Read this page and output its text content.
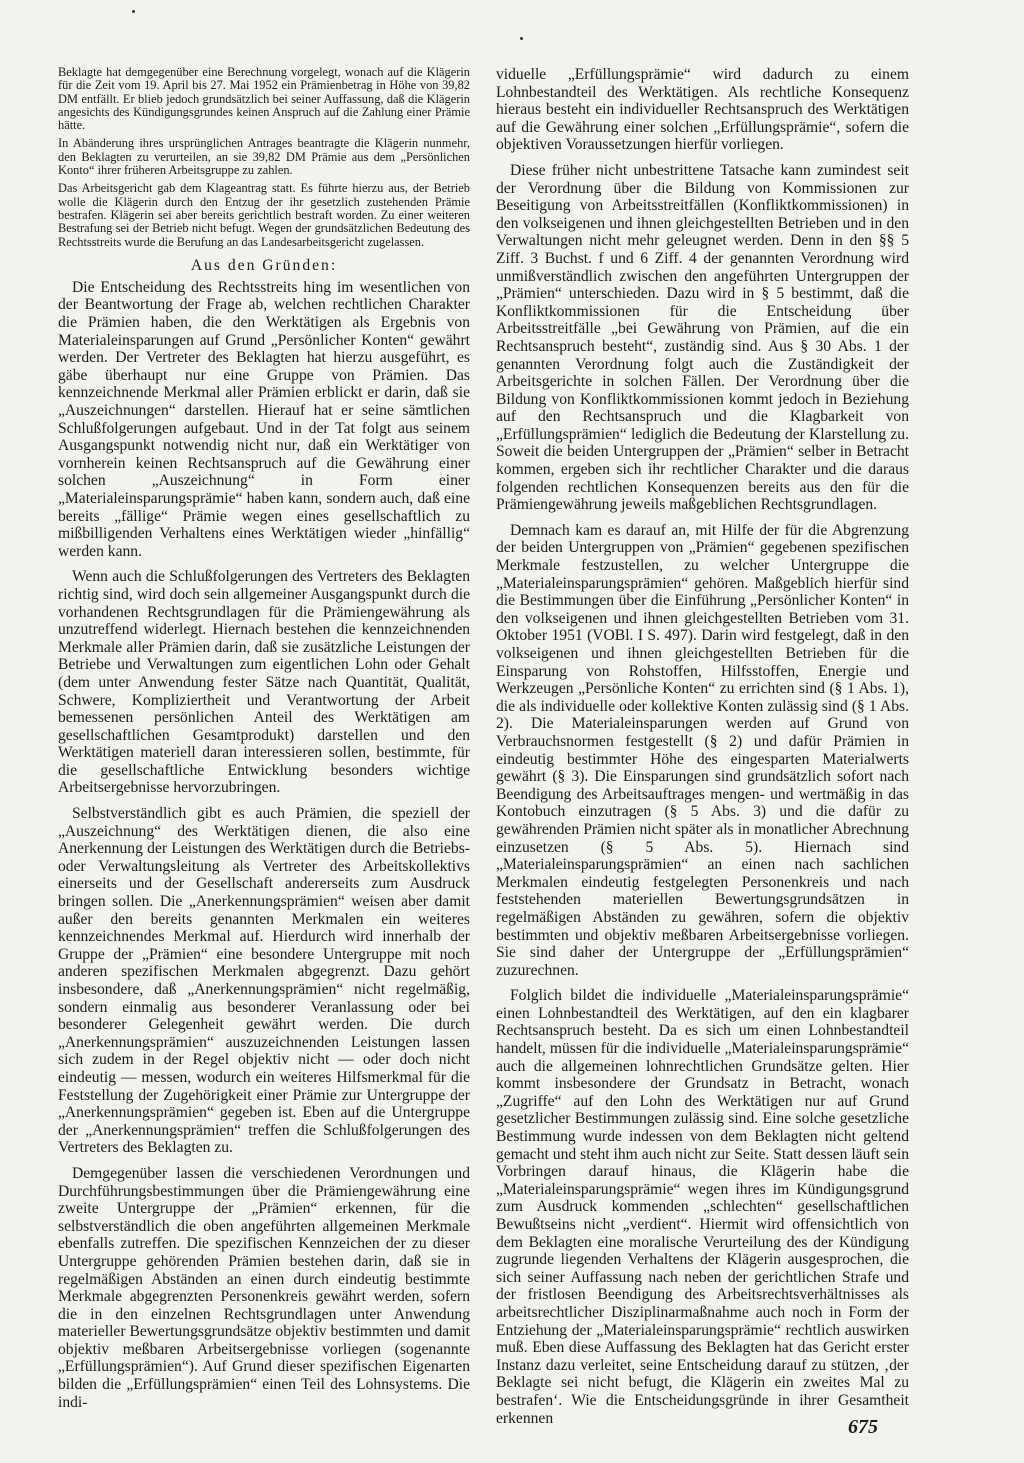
Beklagte hat demgegenüber eine Berechnung vorgelegt, wonach auf die Klägerin für die Zeit vom 19. April bis 27. Mai 1952 ein Prämienbetrag in Höhe von 39,82 DM entfällt. Er blieb jedoch grundsätzlich bei seiner Auffassung, daß die Klägerin angesichts des Kündigungsgrundes keinen Anspruch auf die Zahlung einer Prämie hätte.

In Abänderung ihres ursprünglichen Antrages beantragte die Klägerin nunmehr, den Beklagten zu verurteilen, an sie 39,82 DM Prämie aus dem „Persönlichen Konto“ ihrer früheren Arbeitsgruppe zu zahlen.

Das Arbeitsgericht gab dem Klageantrag statt. Es führte hierzu aus, der Betrieb wolle die Klägerin durch den Entzug der ihr gesetzlich zustehenden Prämie bestrafen. Klägerin sei aber bereits gerichtlich bestraft worden. Zu einer weiteren Bestrafung sei der Betrieb nicht befugt. Wegen der grundsätzlichen Bedeutung des Rechtsstreits wurde die Berufung an das Landesarbeitsgericht zugelassen.

Aus den Gründen:

Die Entscheidung des Rechtsstreits hing im wesentlichen von der Beantwortung der Frage ab, welchen rechtlichen Charakter die Prämien haben, die den Werktätigen als Ergebnis von Materialeinsparungen auf Grund „Persönlicher Konten“ gewährt werden. Der Vertreter des Beklagten hat hierzu ausgeführt, es gäbe überhaupt nur eine Gruppe von Prämien. Das kennzeichnende Merkmal aller Prämien erblickt er darin, daß sie „Auszeichnungen“ darstellen. Hierauf hat er seine sämtlichen Schlußfolgerungen aufgebaut. Und in der Tat folgt aus seinem Ausgangspunkt notwendig nicht nur, daß ein Werktätiger von vornherein keinen Rechtsanspruch auf die Gewährung einer solchen „Auszeichnung“ in Form einer „Materialeinsparungsprämie“ haben kann, sondern auch, daß eine bereits „fällige“ Prämie wegen eines gesellschaftlich zu mißbilligenden Verhaltens eines Werktätigen wieder „hinfällig“ werden kann.

Wenn auch die Schlußfolgerungen des Vertreters des Beklagten richtig sind, wird doch sein allgemeiner Ausgangspunkt durch die vorhandenen Rechtsgrundlagen für die Prämiengewährung als unzutreffend widerlegt. Hiernach bestehen die kennzeichnenden Merkmale aller Prämien darin, daß sie zusätzliche Leistungen der Betriebe und Verwaltungen zum eigentlichen Lohn oder Gehalt (dem unter Anwendung fester Sätze nach Quantität, Qualität, Schwere, Kompliziertheit und Verantwortung der Arbeit bemessenen persönlichen Anteil des Werktätigen am gesellschaftlichen Gesamtprodukt) darstellen und den Werktätigen materiell daran interessieren sollen, bestimmte, für die gesellschaftliche Entwicklung besonders wichtige Arbeitsergebnisse hervorzubringen.

Selbstverständlich gibt es auch Prämien, die speziell der „Auszeichnung“ des Werktätigen dienen, die also eine Anerkennung der Leistungen des Werktätigen durch die Betriebs- oder Verwaltungsleitung als Vertreter des Arbeitskollektivs einerseits und der Gesellschaft andererseits zum Ausdruck bringen sollen. Die „Anerkennungsprämien“ weisen aber damit außer den bereits genannten Merkmalen ein weiteres kennzeichnendes Merkmal auf. Hierdurch wird innerhalb der Gruppe der „Prämien“ eine besondere Untergruppe mit noch anderen spezifischen Merkmalen abgegrenzt. Dazu gehört insbesondere, daß „Anerkennungsprämien“ nicht regelmäßig, sondern einmalig aus besonderer Veranlassung oder bei besonderer Gelegenheit gewährt werden. Die durch „Anerkennungsprämien“ auszuzeichnenden Leistungen lassen sich zudem in der Regel objektiv nicht — oder doch nicht eindeutig — messen, wodurch ein weiteres Hilfsmerkmal für die Feststellung der Zugehörigkeit einer Prämie zur Untergruppe der „Anerkennungsprämien“ gegeben ist. Eben auf die Untergruppe der „Anerkennungsprämien“ treffen die Schlußfolgerungen des Vertreters des Beklagten zu.

Demgegenüber lassen die verschiedenen Verordnungen und Durchführungsbestimmungen über die Prämiengewährung eine zweite Untergruppe der „Prämien“ erkennen, für die selbstverständlich die oben angeführten allgemeinen Merkmale ebenfalls zutreffen. Die spezifischen Kennzeichen der zu dieser Untergruppe gehörenden Prämien bestehen darin, daß sie in regelmäßigen Abständen an einen durch eindeutig bestimmte Merkmale abgegrenzten Personenkreis gewährt werden, sofern die in den einzelnen Rechtsgrundlagen unter Anwendung materieller Bewertungsgrundsätze objektiv bestimmten und damit objektiv meßbaren Arbeitsergebnisse vorliegen (sogenannte „Erfüllungsprämien“). Auf Grund dieser spezifischen Eigenarten bilden die „Erfüllungsprämien“ einen Teil des Lohnsystems. Die indi-

viduelle „Erfüllungsprämie“ wird dadurch zu einem Lohnbestandteil des Werktätigen. Als rechtliche Konsequenz hieraus besteht ein individueller Rechtsanspruch des Werktätigen auf die Gewährung einer solchen „Erfüllungsprämie“, sofern die objektiven Voraussetzungen hierfür vorliegen.

Diese früher nicht unbestrittene Tatsache kann zumindest seit der Verordnung über die Bildung von Kommissionen zur Beseitigung von Arbeitsstreitfällen (Konfliktkommissionen) in den volkseigenen und ihnen gleichgestellten Betrieben und in den Verwaltungen nicht mehr geleugnet werden. Denn in den §§ 5 Ziff. 3 Buchst. f und 6 Ziff. 4 der genannten Verordnung wird unmißverständlich zwischen den angeführten Untergruppen der „Prämien“ unterschieden. Dazu wird in § 5 bestimmt, daß die Konfliktkommissionen für die Entscheidung über Arbeitsstreitfälle „bei Gewährung von Prämien, auf die ein Rechtsanspruch besteht“, zuständig sind. Aus § 30 Abs. 1 der genannten Verordnung folgt auch die Zuständigkeit der Arbeitsgerichte in solchen Fällen. Der Verordnung über die Bildung von Konfliktkommissionen kommt jedoch in Beziehung auf den Rechtsanspruch und die Klagbarkeit von „Erfüllungsprämien“ lediglich die Bedeutung der Klarstellung zu. Soweit die beiden Untergruppen der „Prämien“ selber in Betracht kommen, ergeben sich ihr rechtlicher Charakter und die daraus folgenden rechtlichen Konsequenzen bereits aus den für die Prämiengewährung jeweils maßgeblichen Rechtsgrundlagen.

Demnach kam es darauf an, mit Hilfe der für die Abgrenzung der beiden Untergruppen von „Prämien“ gegebenen spezifischen Merkmale festzustellen, zu welcher Untergruppe die „Materialeinsparungsprämien“ gehören. Maßgeblich hierfür sind die Bestimmungen über die Einführung „Persönlicher Konten“ in den volkseigenen und ihnen gleichgestellten Betrieben vom 31. Oktober 1951 (VOBl. I S. 497). Darin wird festgelegt, daß in den volkseigenen und ihnen gleichgestellten Betrieben für die Einsparung von Rohstoffen, Hilfsstoffen, Energie und Werkzeugen „Persönliche Konten“ zu errichten sind (§ 1 Abs. 1), die als individuelle oder kollektive Konten zulässig sind (§ 1 Abs. 2). Die Materialeinsparungen werden auf Grund von Verbrauchsnormen festgestellt (§ 2) und dafür Prämien in eindeutig bestimmter Höhe des eingesparten Materialwerts gewährt (§ 3). Die Einsparungen sind grundsätzlich sofort nach Beendigung des Arbeitsauftrages mengen- und wertmäßig in das Kontobuch einzutragen (§ 5 Abs. 3) und die dafür zu gewährenden Prämien nicht später als in monatlicher Abrechnung einzusetzen (§ 5 Abs. 5). Hiernach sind „Materialeinsparungsprämien“ an einen nach sachlichen Merkmalen eindeutig festgelegten Personenkreis und nach feststehenden materiellen Bewertungsgrundsätzen in regelmäßigen Abständen zu gewähren, sofern die objektiv bestimmten und objektiv meßbaren Arbeitsergebnisse vorliegen. Sie sind daher der Untergruppe der „Erfüllungsprämien“ zuzurechnen.

Folglich bildet die individuelle „Materialeinsparungsprämie“ einen Lohnbestandteil des Werktätigen, auf den ein klagbarer Rechtsanspruch besteht. Da es sich um einen Lohnbestandteil handelt, müssen für die individuelle „Materialeinsparungsprämie“ auch die allgemeinen lohnrechtlichen Grundsätze gelten. Hier kommt insbesondere der Grundsatz in Betracht, wonach „Zugriffe“ auf den Lohn des Werktätigen nur auf Grund gesetzlicher Bestimmungen zulässig sind. Eine solche gesetzliche Bestimmung wurde indessen von dem Beklagten nicht geltend gemacht und steht ihm auch nicht zur Seite. Statt dessen läuft sein Vorbringen darauf hinaus, die Klägerin habe die „Materialeinsparungsprämie“ wegen ihres im Kündigungsgrund zum Ausdruck kommenden „schlechten“ gesellschaftlichen Bewußtseins nicht „verdient“. Hiermit wird offensichtlich von dem Beklagten eine moralische Verurteilung des der Kündigung zugrunde liegenden Verhaltens der Klägerin ausgesprochen, die sich seiner Auffassung nach neben der gerichtlichen Strafe und der fristlosen Beendigung des Arbeitsrechtsverhältnisses als arbeitsrechtlicher Disziplinarmaßnahme auch noch in Form der Entziehung der „Materialeinsparungsprämie“ rechtlich auswirken muß. Eben diese Auffassung des Beklagten hat das Gericht erster Instanz dazu verleitet, seine Entscheidung darauf zu stützen, ‚der Beklagte sei nicht befugt, die Klägerin ein zweites Mal zu bestrafen‘. Wie die Entscheidungsgründe in ihrer Gesamtheit erkennen	675
